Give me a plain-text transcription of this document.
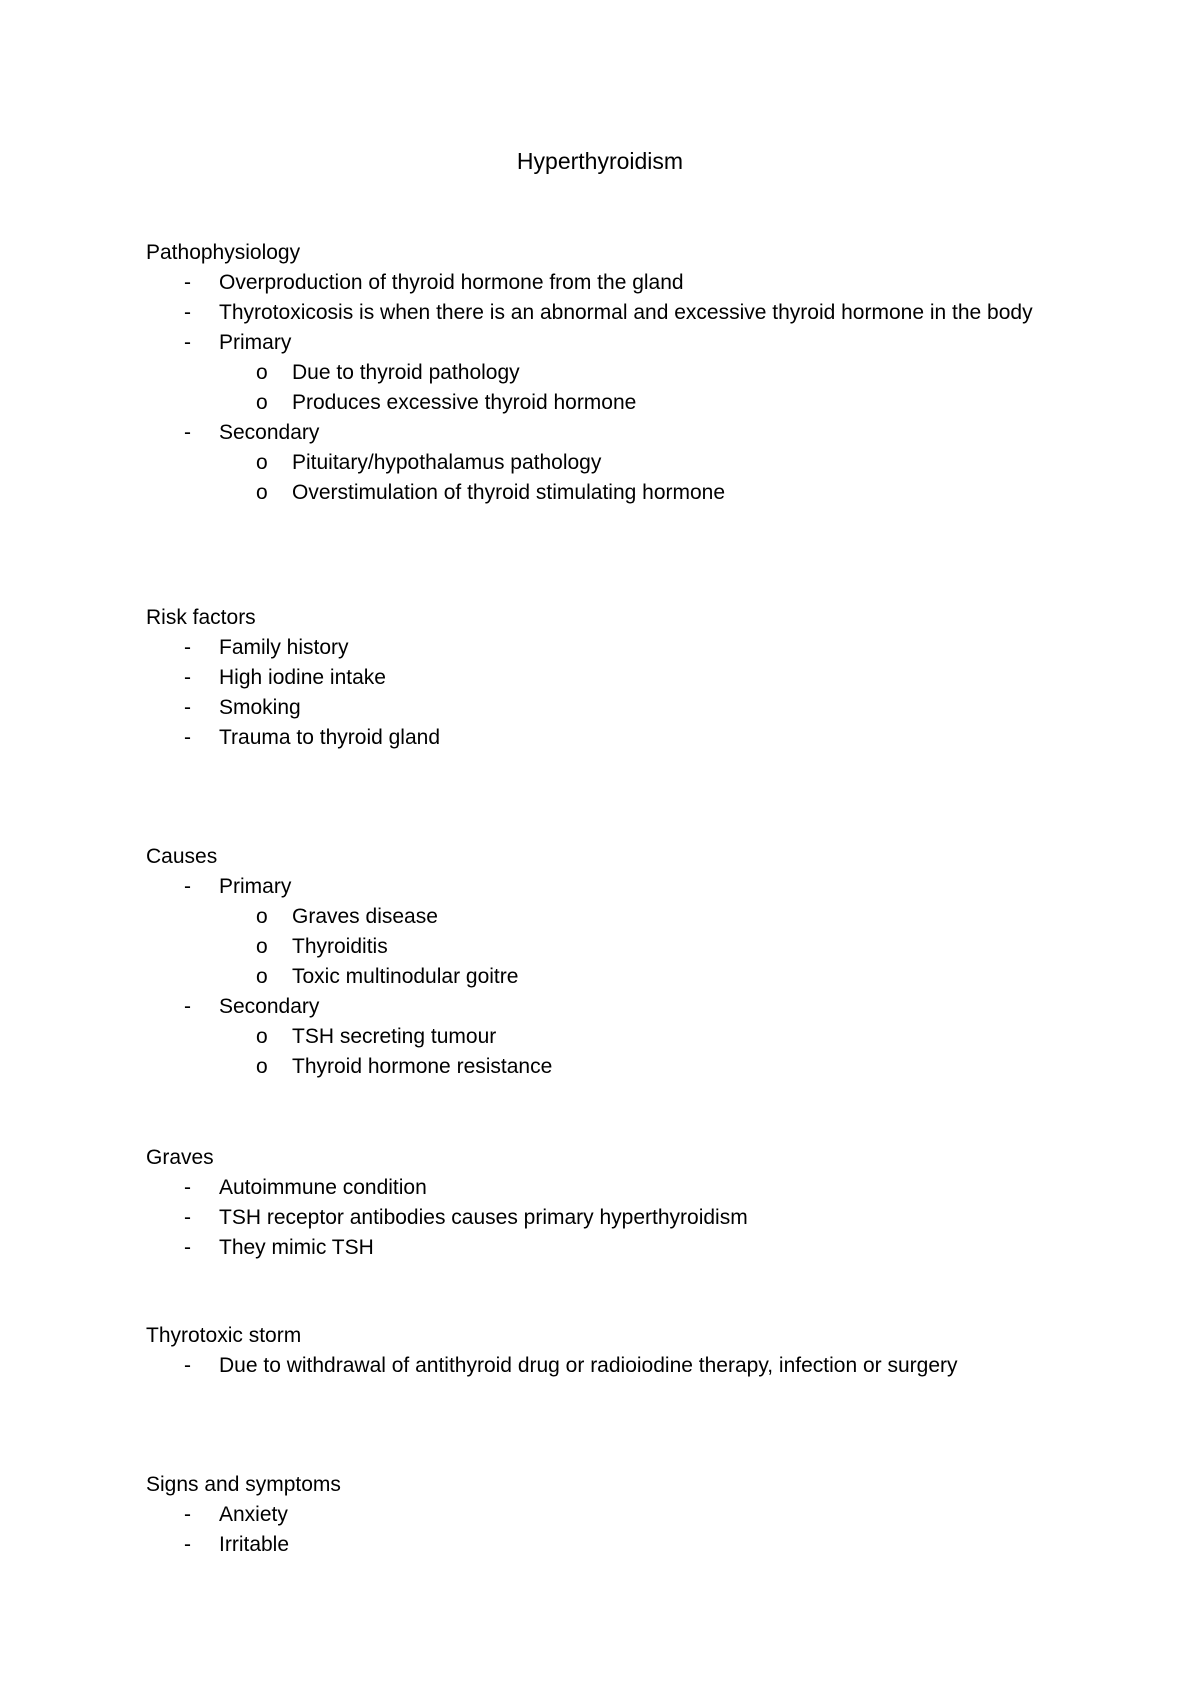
Hyperthyroidism
Pathophysiology
- Overproduction of thyroid hormone from the gland
- Thyrotoxicosis is when there is an abnormal and excessive thyroid hormone in the body
- Primary
o Due to thyroid pathology
o Produces excessive thyroid hormone
- Secondary
o Pituitary/hypothalamus pathology
o Overstimulation of thyroid stimulating hormone
Risk factors
- Family history
- High iodine intake
- Smoking
- Trauma to thyroid gland
Causes
- Primary
o Graves disease
o Thyroiditis
o Toxic multinodular goitre
- Secondary
o TSH secreting tumour
o Thyroid hormone resistance
Graves
- Autoimmune condition
- TSH receptor antibodies causes primary hyperthyroidism
- They mimic TSH
Thyrotoxic storm
- Due to withdrawal of antithyroid drug or radioiodine therapy, infection or surgery
Signs and symptoms
- Anxiety
- Irritable
